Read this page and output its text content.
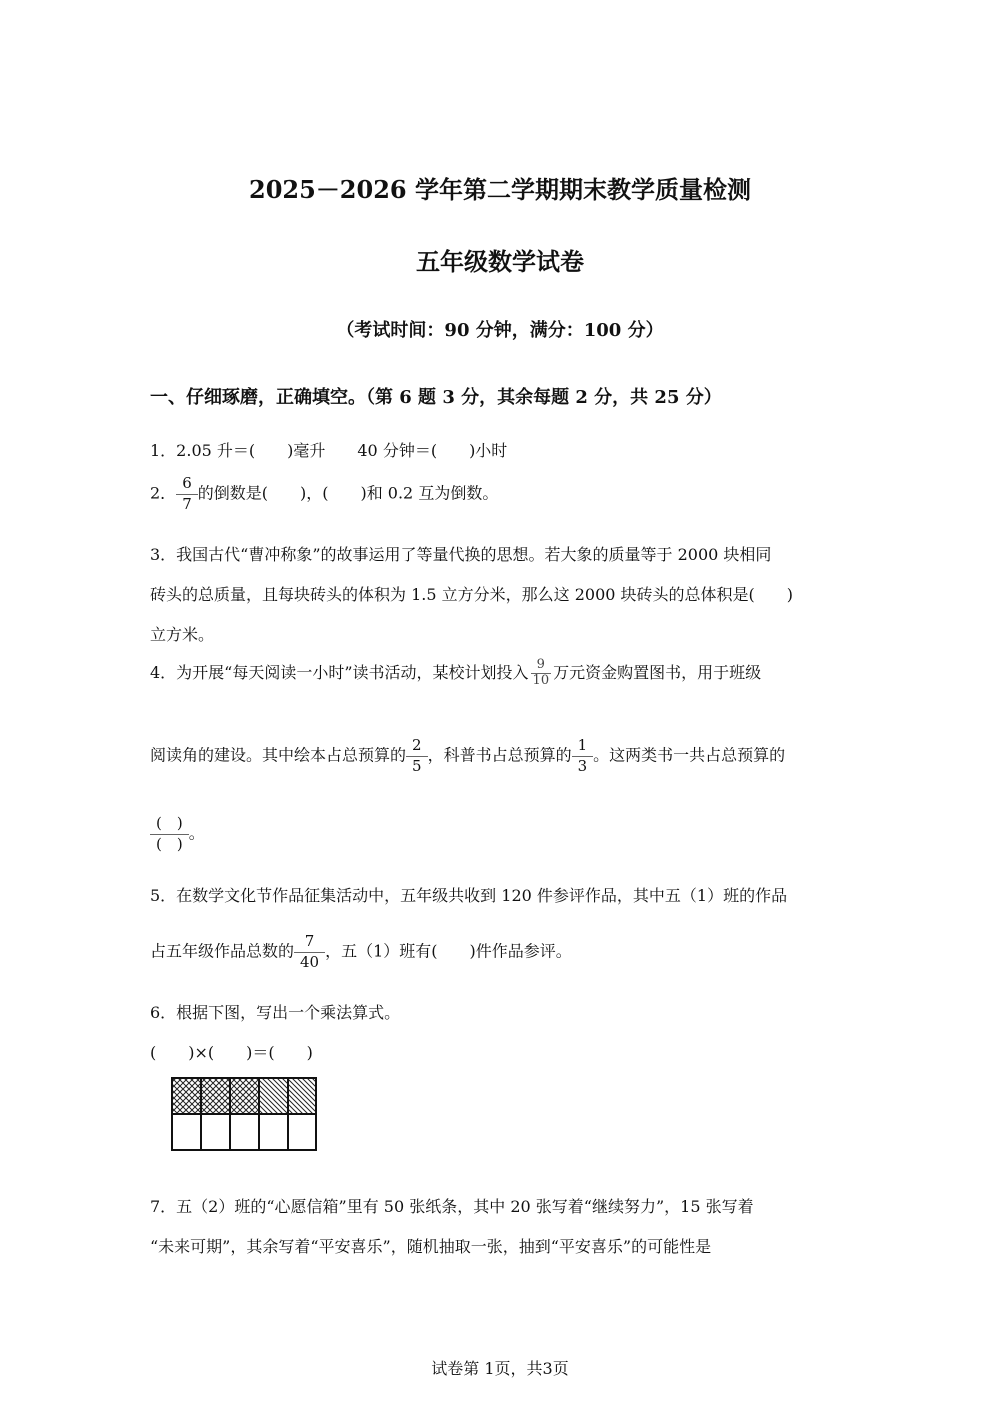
2025－2026 学年第二学期期末教学质量检测
五年级数学试卷
（考试时间：90 分钟，满分：100 分）
一、仔细琢磨，正确填空。（第 6 题 3 分，其余每题 2 分，共 25 分）
1．2.05 升＝(　　)毫升　　40 分钟＝(　　)小时
2． $\frac{6}{7}$ 的倒数是(　　)，(　　)和 0.2 互为倒数。
3．我国古代“曹冲称象”的故事运用了等量代换的思想。若大象的质量等于 2000 块相同
砖头的总质量，且每块砖头的体积为 1.5 立方分米，那么这 2000 块砖头的总体积是(　　)
立方米。
4．为开展“每天阅读一小时”读书活动，某校计划投入 $\frac{9}{10}$ 万元资金购置图书，用于班级
阅读角的建设。其中绘本占总预算的 $\frac{2}{5}$ ，科普书占总预算的 $\frac{1}{3}$ 。这两类书一共占总预算的
$\frac{( )}{( )}$ 。
5．在数学文化节作品征集活动中，五年级共收到 120 件参评作品，其中五（1）班的作品
占五年级作品总数的 $\frac{7}{40}$ ，五（1）班有(　　)件作品参评。
6．根据下图，写出一个乘法算式。
(　　)×(　　)＝(　　)
7．五（2）班的“心愿信箱”里有 50 张纸条，其中 20 张写着“继续努力”，15 张写着
“未来可期”，其余写着“平安喜乐”，随机抽取一张，抽到“平安喜乐”的可能性是
试卷第 1页，共3页
